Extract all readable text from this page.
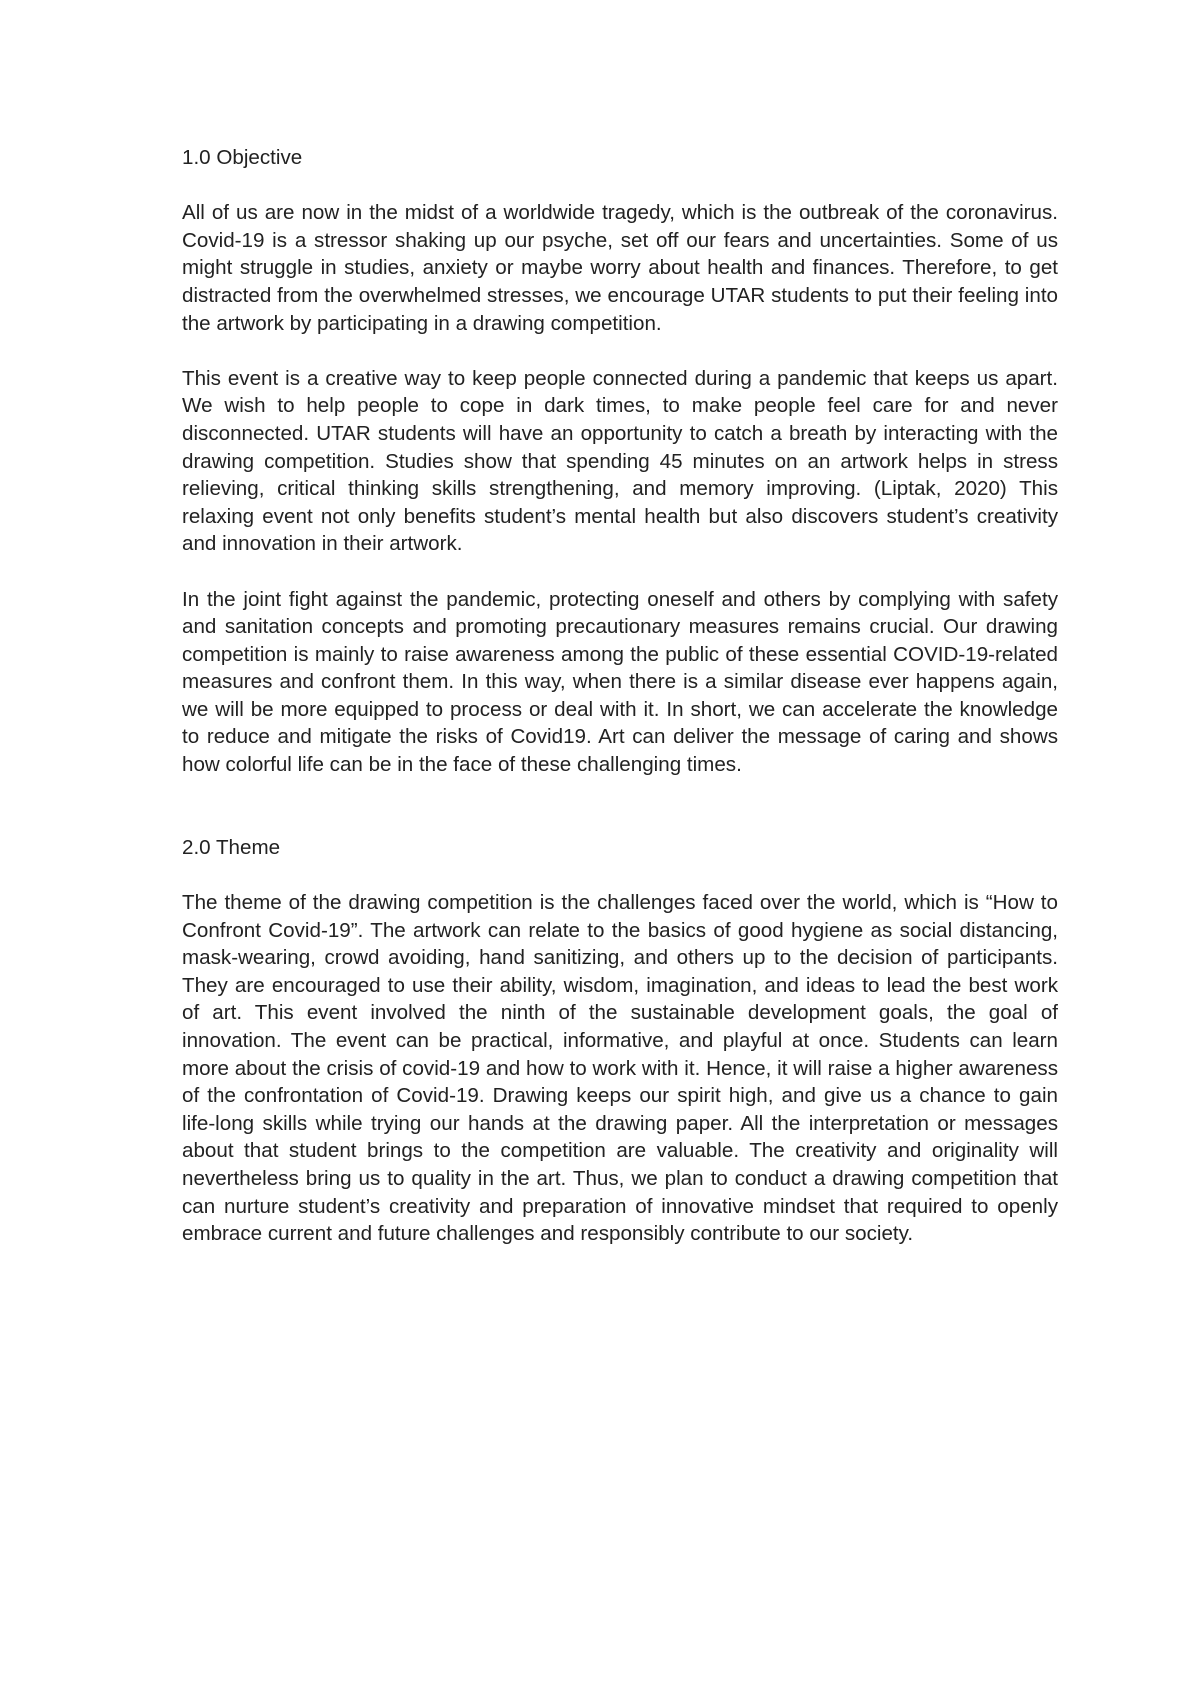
1.0 Objective

All of us are now in the midst of a worldwide tragedy, which is the outbreak of the coronavirus. Covid-19 is a stressor shaking up our psyche, set off our fears and uncertainties. Some of us might struggle in studies, anxiety or maybe worry about health and finances. Therefore, to get distracted from the overwhelmed stresses, we encourage UTAR students to put their feeling into the artwork by participating in a drawing competition.

This event is a creative way to keep people connected during a pandemic that keeps us apart. We wish to help people to cope in dark times, to make people feel care for and never disconnected. UTAR students will have an opportunity to catch a breath by interacting with the drawing competition. Studies show that spending 45 minutes on an artwork helps in stress relieving, critical thinking skills strengthening, and memory improving. (Liptak, 2020) This relaxing event not only benefits student’s mental health but also discovers student’s creativity and innovation in their artwork.

In the joint fight against the pandemic, protecting oneself and others by complying with safety and sanitation concepts and promoting precautionary measures remains crucial. Our drawing competition is mainly to raise awareness among the public of these essential COVID-19-related measures and confront them. In this way, when there is a similar disease ever happens again, we will be more equipped to process or deal with it. In short, we can accelerate the knowledge to reduce and mitigate the risks of Covid19. Art can deliver the message of caring and shows how colorful life can be in the face of these challenging times.

2.0 Theme

The theme of the drawing competition is the challenges faced over the world, which is “How to Confront Covid-19”. The artwork can relate to the basics of good hygiene as social distancing, mask-wearing, crowd avoiding, hand sanitizing, and others up to the decision of participants. They are encouraged to use their ability, wisdom, imagination, and ideas to lead the best work of art. This event involved the ninth of the sustainable development goals, the goal of innovation. The event can be practical, informative, and playful at once. Students can learn more about the crisis of covid-19 and how to work with it. Hence, it will raise a higher awareness of the confrontation of Covid-19. Drawing keeps our spirit high, and give us a chance to gain life-long skills while trying our hands at the drawing paper. All the interpretation or messages about that student brings to the competition are valuable. The creativity and originality will nevertheless bring us to quality in the art. Thus, we plan to conduct a drawing competition that can nurture student’s creativity and preparation of innovative mindset that required to openly embrace current and future challenges and responsibly contribute to our society.
